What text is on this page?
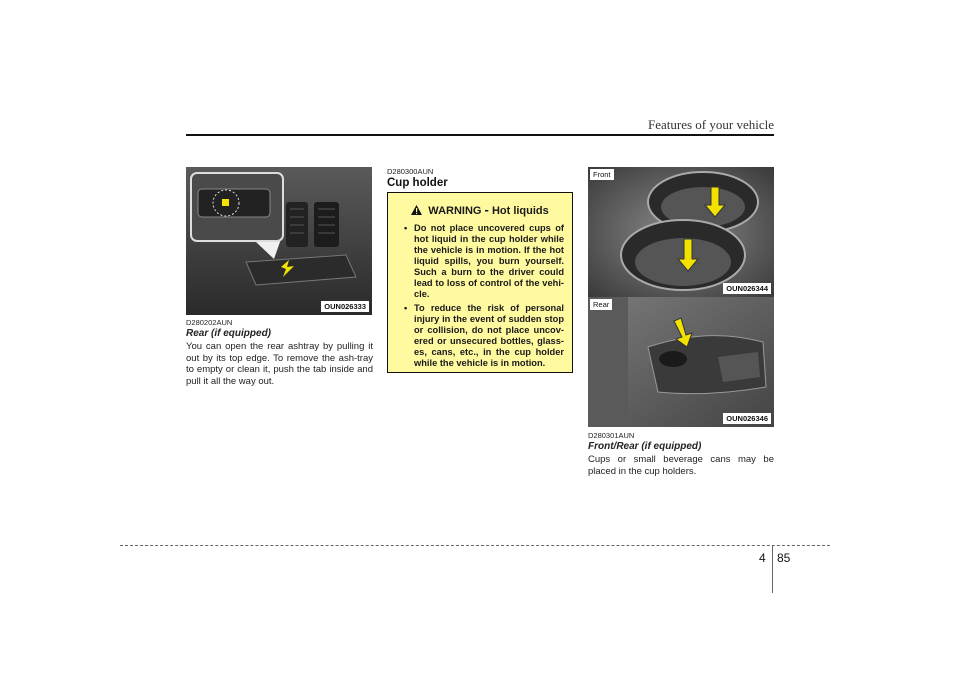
Features of your vehicle
OUN026333
D280202AUN
Rear (if equipped)
You can open the rear ashtray by pulling it out by its top edge. To remove the ash-tray to empty or clean it, push the tab inside and pull it all the way out.
D280300AUN
Cup holder
WARNING - Hot liquids
• Do not place uncovered cups of hot liquid in the cup holder while the vehicle is in motion. If the hot liquid spills, you burn yourself. Such a burn to the driver could lead to loss of control of the vehi-cle.
• To reduce the risk of personal injury in the event of sudden stop or collision, do not place uncov-ered or unsecured bottles, glass-es, cans, etc., in the cup holder while the vehicle is in motion.
Front
OUN026344
Rear
OUN026346
D280301AUN
Front/Rear (if equipped)
Cups or small beverage cans may be placed in the cup holders.
4 85
